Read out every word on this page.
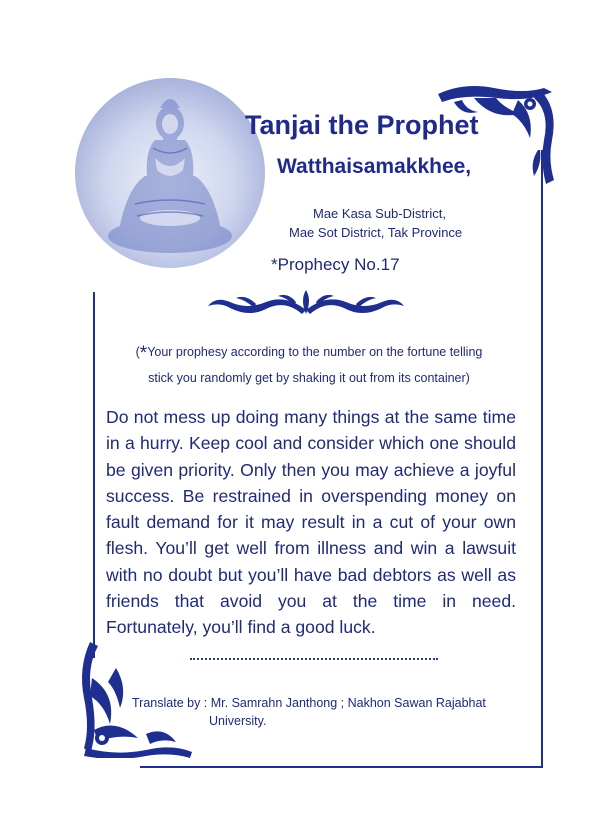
Tanjai the Prophet
Watthaisamakkhee,
Mae Kasa Sub-District,
Mae Sot District, Tak Province
*Prophecy No.17
(*Your prophesy according to the number on the fortune telling
stick you randomly get by shaking it out from its container)
Do not mess up doing many things at the same time in a hurry. Keep cool and consider which one should be given priority. Only then you may achieve a joyful success. Be restrained in overspending money on fault demand for it may result in a cut of your own flesh. You’ll get well from illness and win a lawsuit with no doubt but you’ll have bad debtors as well as friends that avoid you at the time in need. Fortunately, you’ll find a good luck.
Translate by : Mr. Samrahn Janthong ; Nakhon Sawan Rajabhat
University.
